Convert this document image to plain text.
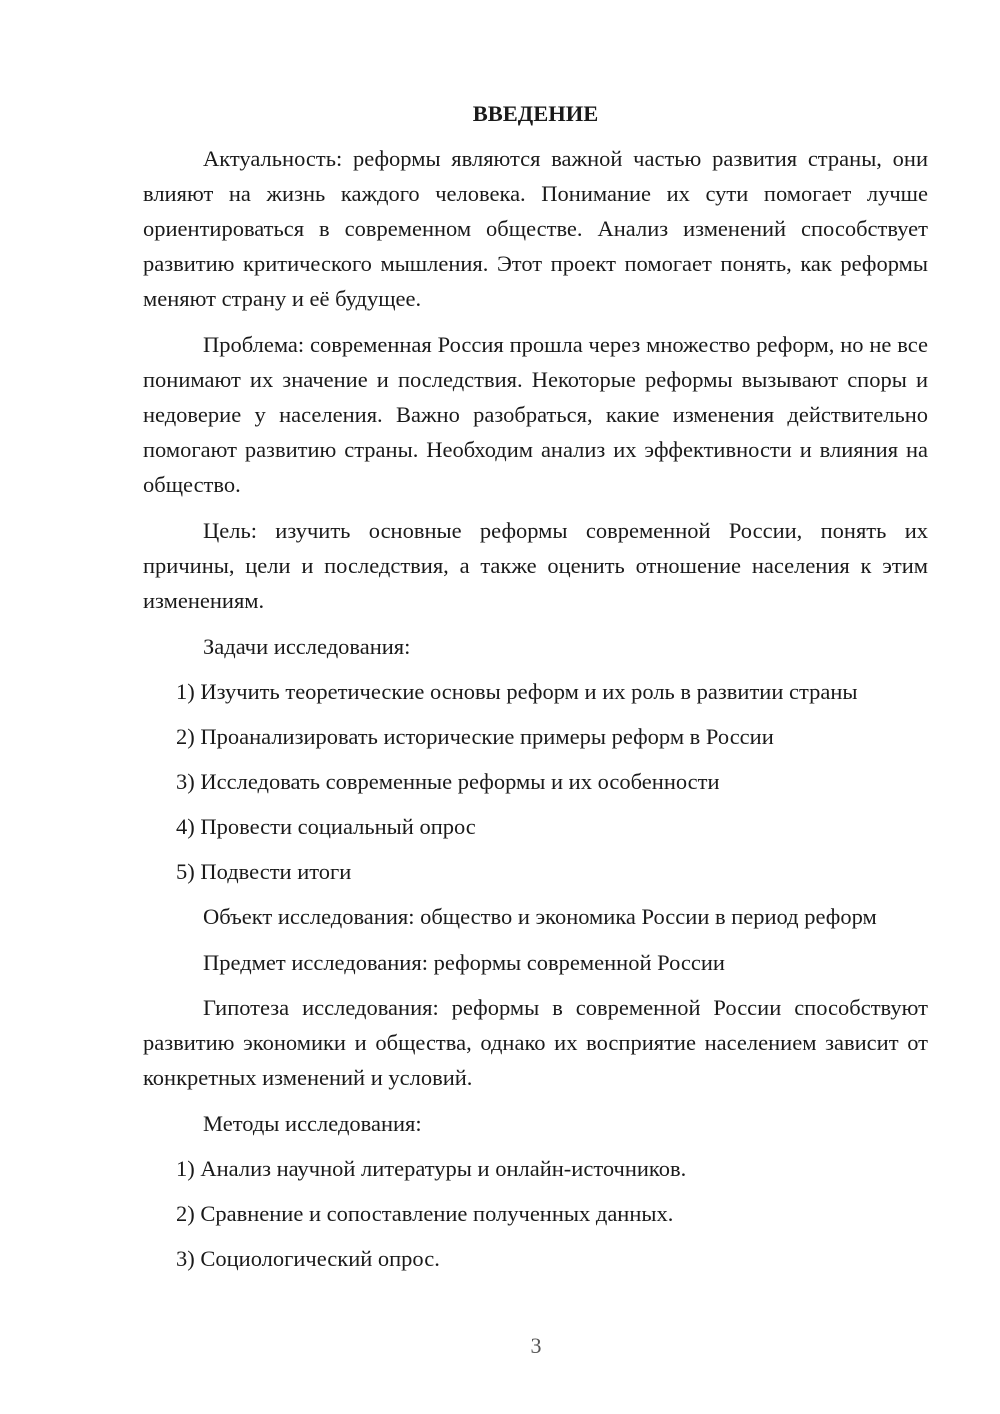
ВВЕДЕНИЕ

Актуальность: реформы являются важной частью развития страны, они влияют на жизнь каждого человека. Понимание их сути помогает лучше ориентироваться в современном обществе. Анализ изменений способствует развитию критического мышления. Этот проект помогает понять, как реформы меняют страну и её будущее.

Проблема: современная Россия прошла через множество реформ, но не все понимают их значение и последствия. Некоторые реформы вызывают споры и недоверие у населения. Важно разобраться, какие изменения действительно помогают развитию страны. Необходим анализ их эффективности и влияния на общество.

Цель: изучить основные реформы современной России, понять их причины, цели и последствия, а также оценить отношение населения к этим изменениям.

Задачи исследования:

1) Изучить теоретические основы реформ и их роль в развитии страны
2) Проанализировать исторические примеры реформ в России
3) Исследовать современные реформы и их особенности
4) Провести социальный опрос
5) Подвести итоги

Объект исследования: общество и экономика России в период реформ

Предмет исследования: реформы современной России

Гипотеза исследования: реформы в современной России способствуют развитию экономики и общества, однако их восприятие населением зависит от конкретных изменений и условий.

Методы исследования:

1) Анализ научной литературы и онлайн-источников.
2) Сравнение и сопоставление полученных данных.
3) Социологический опрос.
3
